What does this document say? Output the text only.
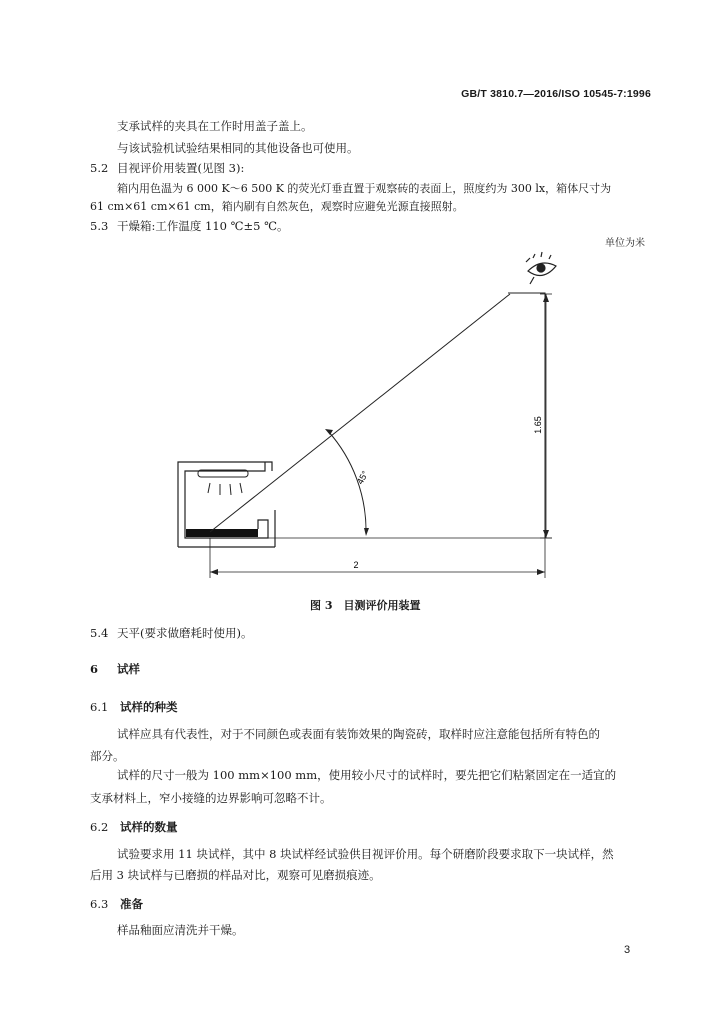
GB/T 3810.7—2016/ISO 10545-7:1996
支承试样的夹具在工作时用盖子盖上。
与该试验机试验结果相同的其他设备也可使用。
5.2 目视评价用装置(见图 3):
箱内用色温为 6 000 K～6 500 K 的荧光灯垂直置于观察砖的表面上，照度约为 300 lx，箱体尺寸为
61 cm×61 cm×61 cm，箱内刷有自然灰色，观察时应避免光源直接照射。
5.3 干燥箱:工作温度 110 ℃±5 ℃。
单位为米
45°
1.65
2
图 3　目测评价用装置
5.4 天平(要求做磨耗时使用)。
6 试样
6.1 试样的种类
试样应具有代表性，对于不同颜色或表面有装饰效果的陶瓷砖，取样时应注意能包括所有特色的
部分。
试样的尺寸一般为 100 mm×100 mm，使用较小尺寸的试样时，要先把它们粘紧固定在一适宜的
支承材料上，窄小接缝的边界影响可忽略不计。
6.2 试样的数量
试验要求用 11 块试样，其中 8 块试样经试验供目视评价用。每个研磨阶段要求取下一块试样，然
后用 3 块试样与已磨损的样品对比，观察可见磨损痕迹。
6.3 准备
样品釉面应清洗并干燥。
3
